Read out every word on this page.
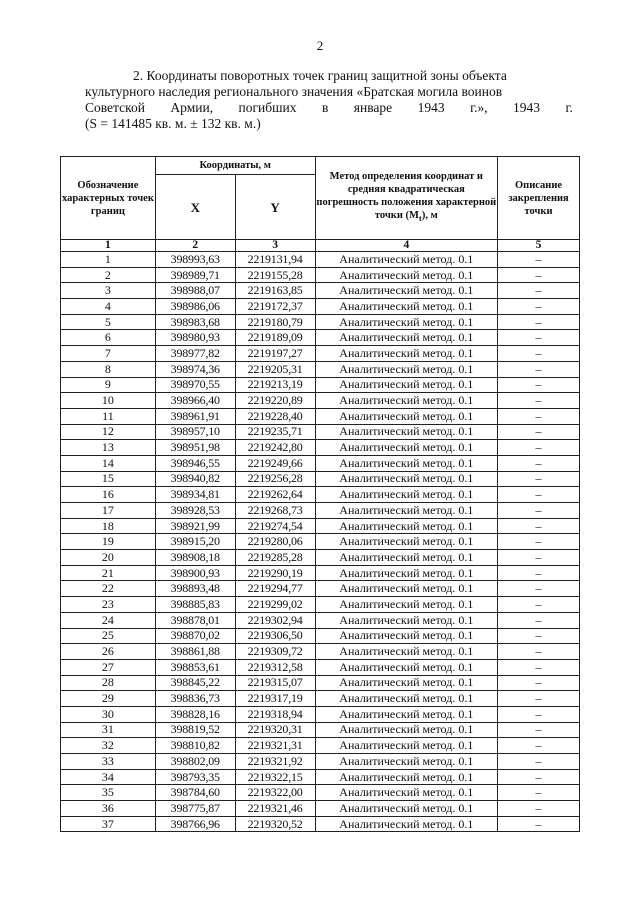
2
2. Координаты поворотных точек границ защитной зоны объекта
культурного наследия регионального значения «Братская могила воинов
Советской Армии, погибших в январе 1943 г.», 1943 г.
(S = 141485 кв. м. ± 132 кв. м.)
Обозначение характерных точек границ	Координаты, м		Метод определения координат и средняя квадратическая погрешность положения характерной точки $(M_t)$, м	Описание закрепления точки
	X	Y		
1	2	3	4	5
1	398993,63	2219131,94	Аналитический метод. 0.1	–
2	398989,71	2219155,28	Аналитический метод. 0.1	–
3	398988,07	2219163,85	Аналитический метод. 0.1	–
4	398986,06	2219172,37	Аналитический метод. 0.1	–
5	398983,68	2219180,79	Аналитический метод. 0.1	–
6	398980,93	2219189,09	Аналитический метод. 0.1	–
7	398977,82	2219197,27	Аналитический метод. 0.1	–
8	398974,36	2219205,31	Аналитический метод. 0.1	–
9	398970,55	2219213,19	Аналитический метод. 0.1	–
10	398966,40	2219220,89	Аналитический метод. 0.1	–
11	398961,91	2219228,40	Аналитический метод. 0.1	–
12	398957,10	2219235,71	Аналитический метод. 0.1	–
13	398951,98	2219242,80	Аналитический метод. 0.1	–
14	398946,55	2219249,66	Аналитический метод. 0.1	–
15	398940,82	2219256,28	Аналитический метод. 0.1	–
16	398934,81	2219262,64	Аналитический метод. 0.1	–
17	398928,53	2219268,73	Аналитический метод. 0.1	–
18	398921,99	2219274,54	Аналитический метод. 0.1	–
19	398915,20	2219280,06	Аналитический метод. 0.1	–
20	398908,18	2219285,28	Аналитический метод. 0.1	–
21	398900,93	2219290,19	Аналитический метод. 0.1	–
22	398893,48	2219294,77	Аналитический метод. 0.1	–
23	398885,83	2219299,02	Аналитический метод. 0.1	–
24	398878,01	2219302,94	Аналитический метод. 0.1	–
25	398870,02	2219306,50	Аналитический метод. 0.1	–
26	398861,88	2219309,72	Аналитический метод. 0.1	–
27	398853,61	2219312,58	Аналитический метод. 0.1	–
28	398845,22	2219315,07	Аналитический метод. 0.1	–
29	398836,73	2219317,19	Аналитический метод. 0.1	–
30	398828,16	2219318,94	Аналитический метод. 0.1	–
31	398819,52	2219320,31	Аналитический метод. 0.1	–
32	398810,82	2219321,31	Аналитический метод. 0.1	–
33	398802,09	2219321,92	Аналитический метод. 0.1	–
34	398793,35	2219322,15	Аналитический метод. 0.1	–
35	398784,60	2219322,00	Аналитический метод. 0.1	–
36	398775,87	2219321,46	Аналитический метод. 0.1	–
37	398766,96	2219320,52	Аналитический метод. 0.1	–
